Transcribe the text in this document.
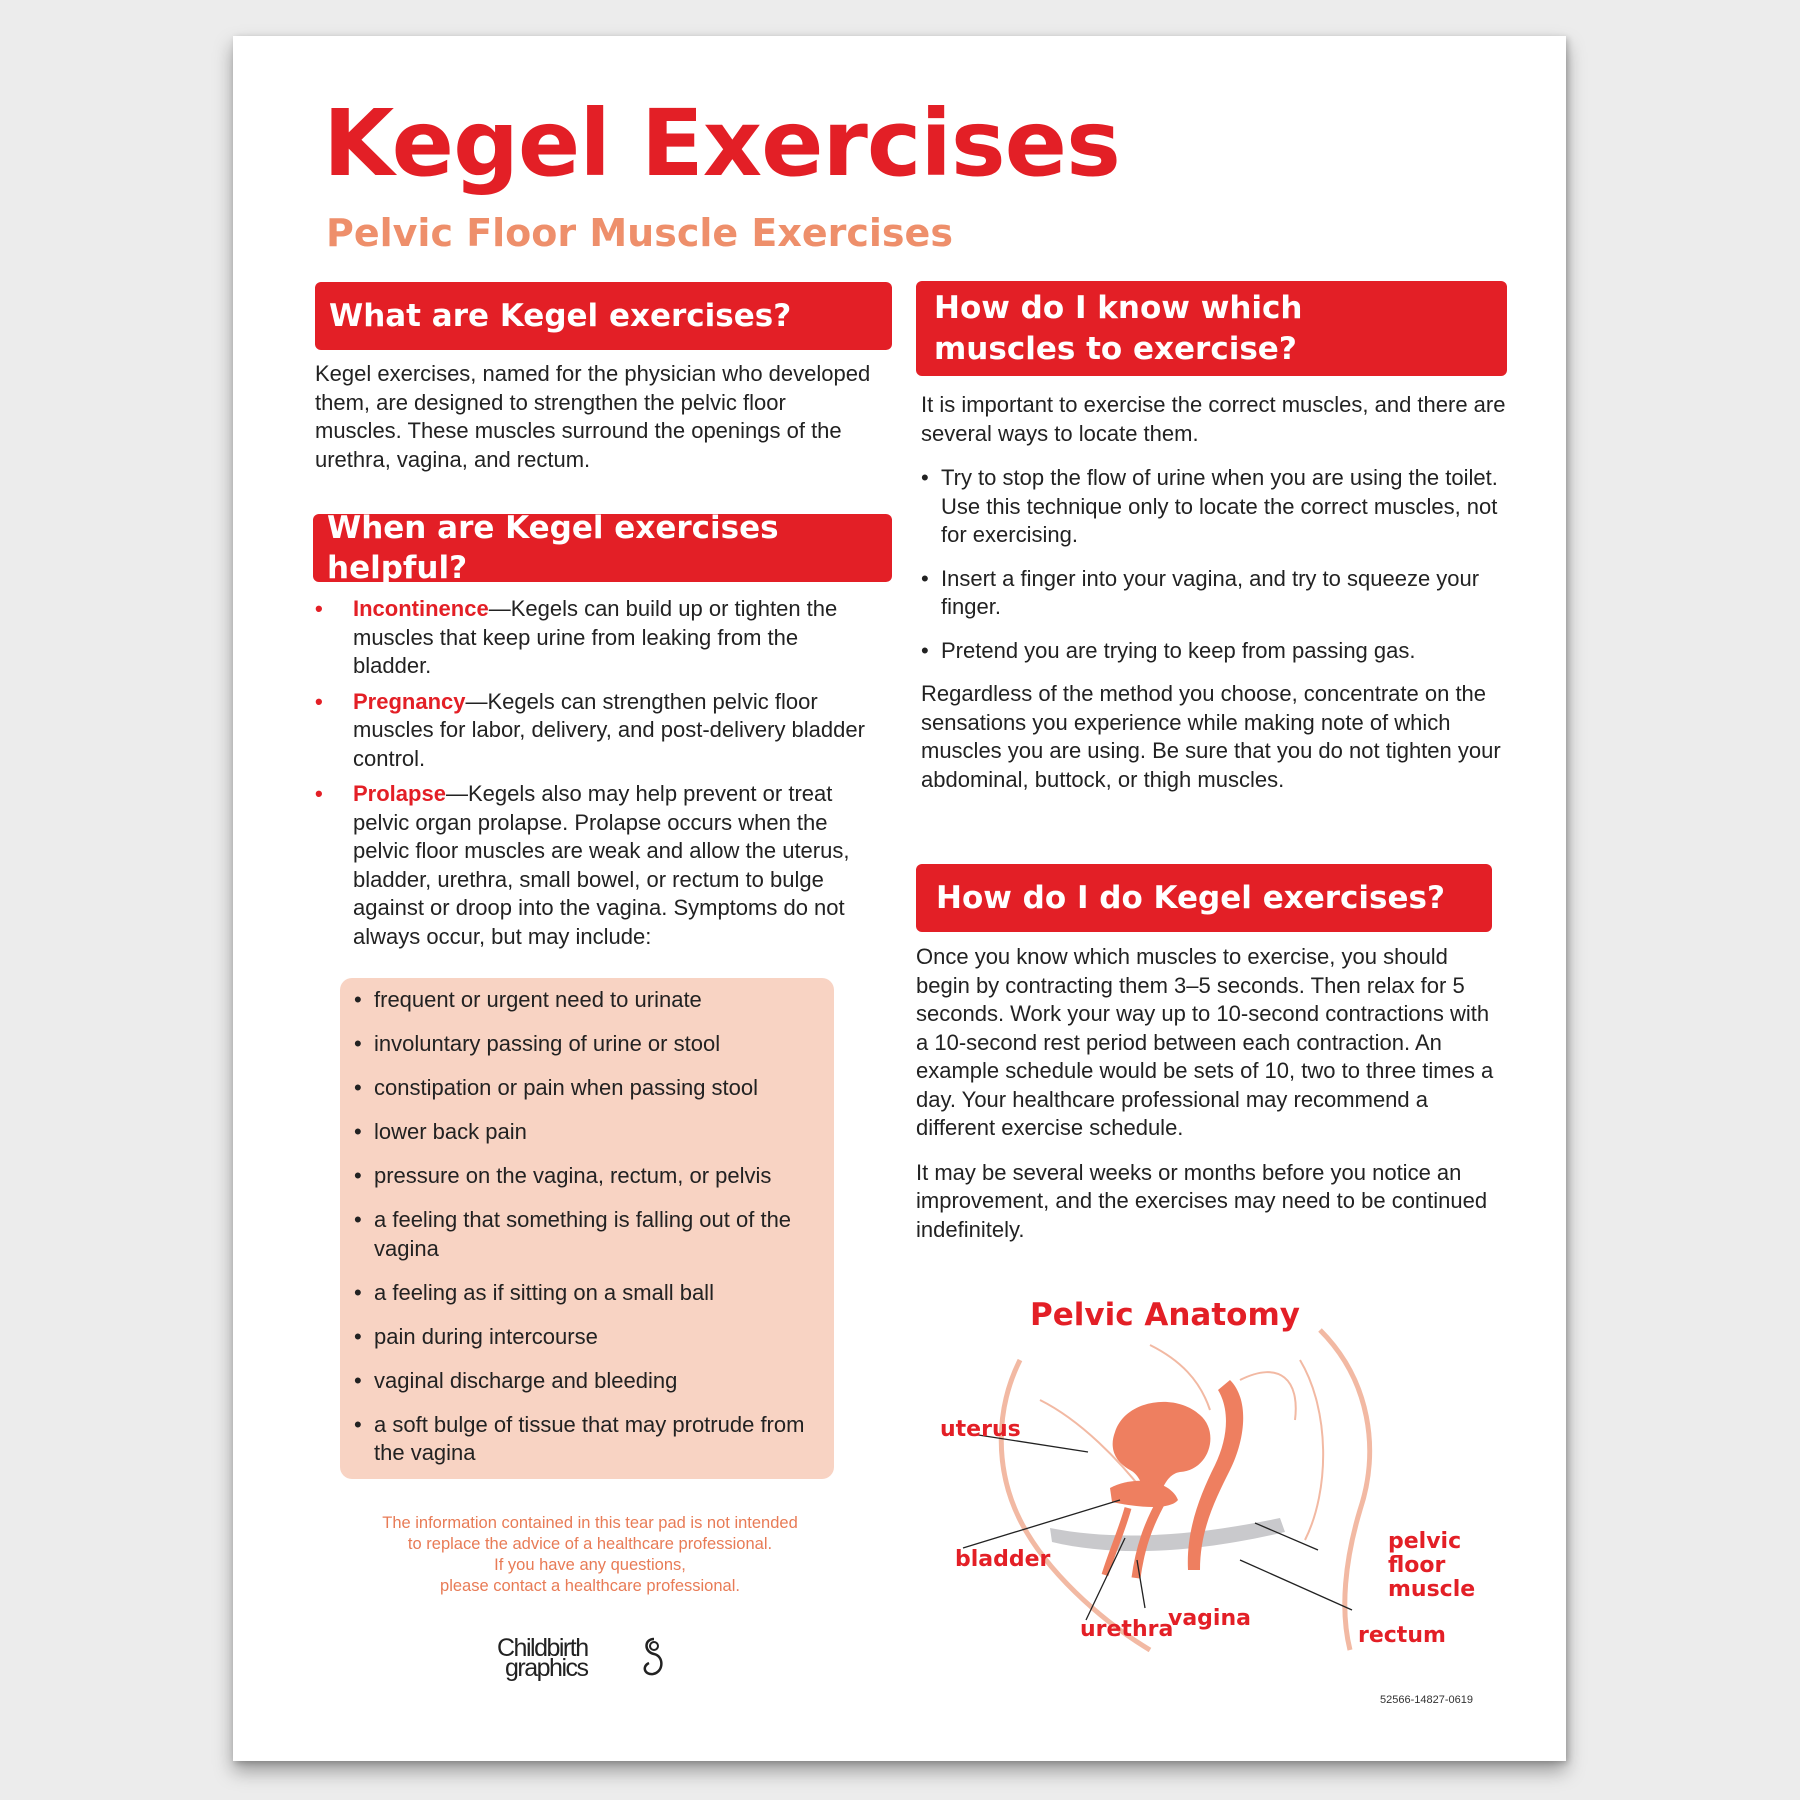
Kegel Exercises
Pelvic Floor Muscle Exercises
What are Kegel exercises?

Kegel exercises, named for the physician who developed them, are designed to strengthen the pelvic floor muscles. These muscles surround the openings of the urethra, vagina, and rectum.

When are Kegel exercises helpful?
• Incontinence—Kegels can build up or tighten the muscles that keep urine from leaking from the bladder.
• Pregnancy—Kegels can strengthen pelvic floor muscles for labor, delivery, and post-delivery bladder control.
• Prolapse—Kegels also may help prevent or treat pelvic organ prolapse. Prolapse occurs when the pelvic floor muscles are weak and allow the uterus, bladder, urethra, small bowel, or rectum to bulge against or droop into the vagina. Symptoms do not always occur, but may include:
• frequent or urgent need to urinate
• involuntary passing of urine or stool
• constipation or pain when passing stool
• lower back pain
• pressure on the vagina, rectum, or pelvis
• a feeling that something is falling out of the vagina
• a feeling as if sitting on a small ball
• pain during intercourse
• vaginal discharge and bleeding
• a soft bulge of tissue that may protrude from the vagina
The information contained in this tear pad is not intended
to replace the advice of a healthcare professional.
If you have any questions,
please contact a healthcare professional.
Childbirth
graphics
How do I know which muscles to exercise?

It is important to exercise the correct muscles, and there are several ways to locate them.

• Try to stop the flow of urine when you are using the toilet. Use this technique only to locate the correct muscles, not for exercising.
• Insert a finger into your vagina, and try to squeeze your finger.
• Pretend you are trying to keep from passing gas.

Regardless of the method you choose, concentrate on the sensations you experience while making note of which muscles you are using. Be sure that you do not tighten your abdominal, buttock, or thigh muscles.

How do I do Kegel exercises?

Once you know which muscles to exercise, you should begin by contracting them 3–5 seconds. Then relax for 5 seconds. Work your way up to 10-second contractions with a 10-second rest period between each contraction. An example schedule would be sets of 10, two to three times a day. Your healthcare professional may recommend a different exercise schedule.

It may be several weeks or months before you notice an improvement, and the exercises may need to be continued indefinitely.

Pelvic Anatomy
uterus
bladder
urethra
vagina
pelvic
floor
muscle
rectum
52566-14827-0619
